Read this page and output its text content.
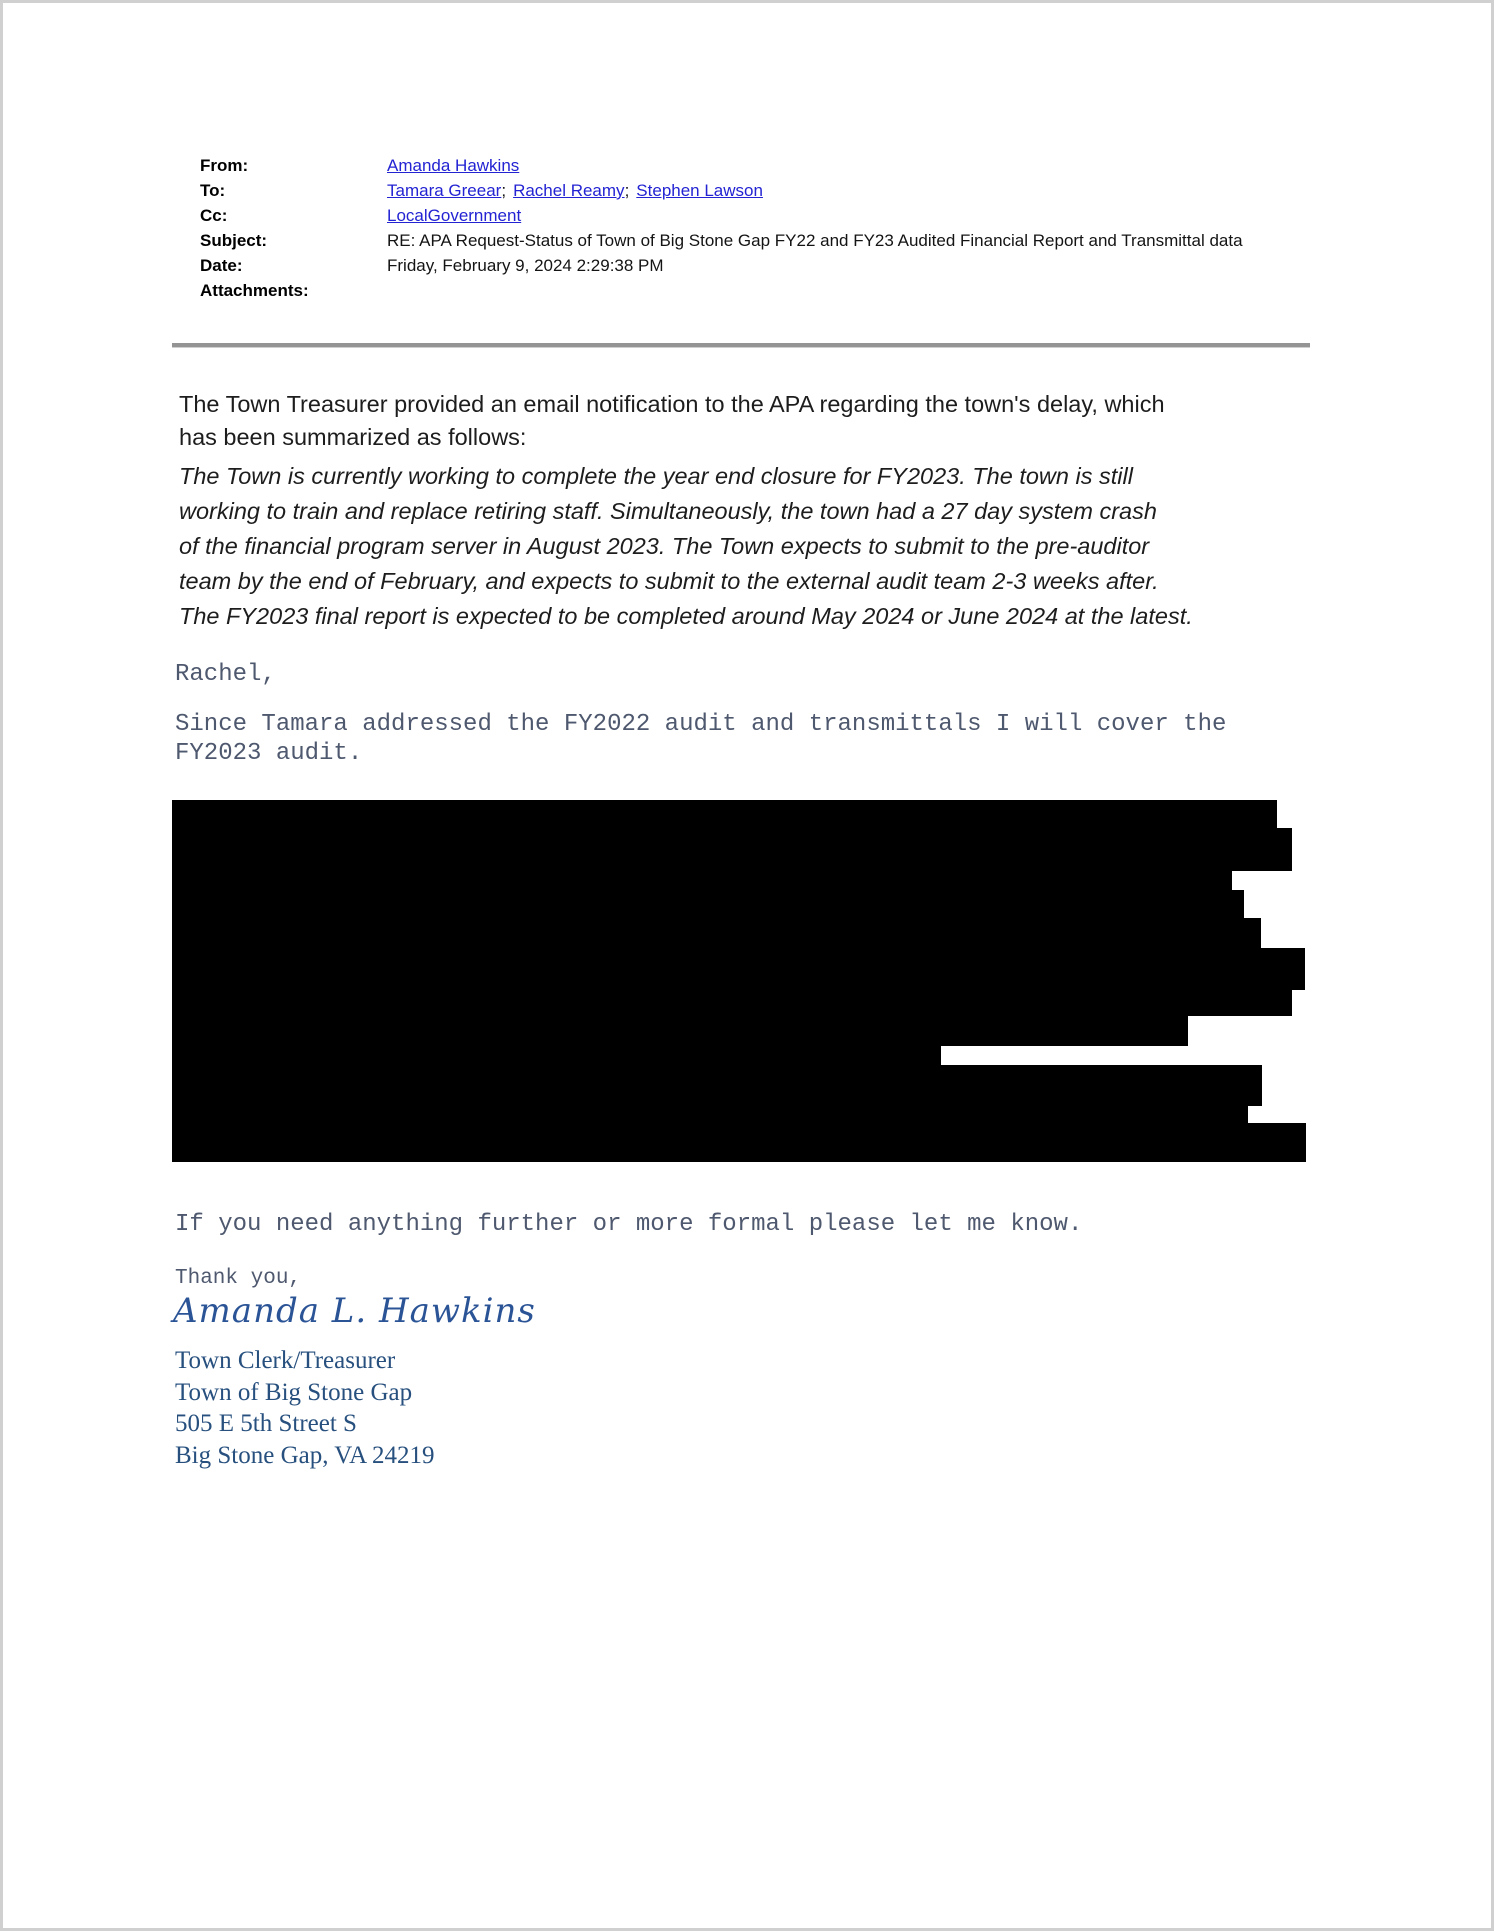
From:	Amanda Hawkins
To:	Tamara Greear; Rachel Reamy; Stephen Lawson
Cc:	LocalGovernment
Subject:	RE: APA Request-Status of Town of Big Stone Gap FY22 and FY23 Audited Financial Report and Transmittal data
Date:	Friday, February 9, 2024 2:29:38 PM
Attachments:
The Town Treasurer provided an email notification to the APA regarding the town's delay, which
has been summarized as follows:
The Town is currently working to complete the year end closure for FY2023. The town is still
working to train and replace retiring staff. Simultaneously, the town had a 27 day system crash
of the financial program server in August 2023. The Town expects to submit to the pre-auditor
team by the end of February, and expects to submit to the external audit team 2-3 weeks after.
The FY2023 final report is expected to be completed around May 2024 or June 2024 at the latest.
Rachel,
Since Tamara addressed the FY2022 audit and transmittals I will cover the
FY2023 audit.
If you need anything further or more formal please let me know.
Thank you,
Amanda L. Hawkins
Town Clerk/Treasurer
Town of Big Stone Gap
505 E 5th Street S
Big Stone Gap, VA 24219
